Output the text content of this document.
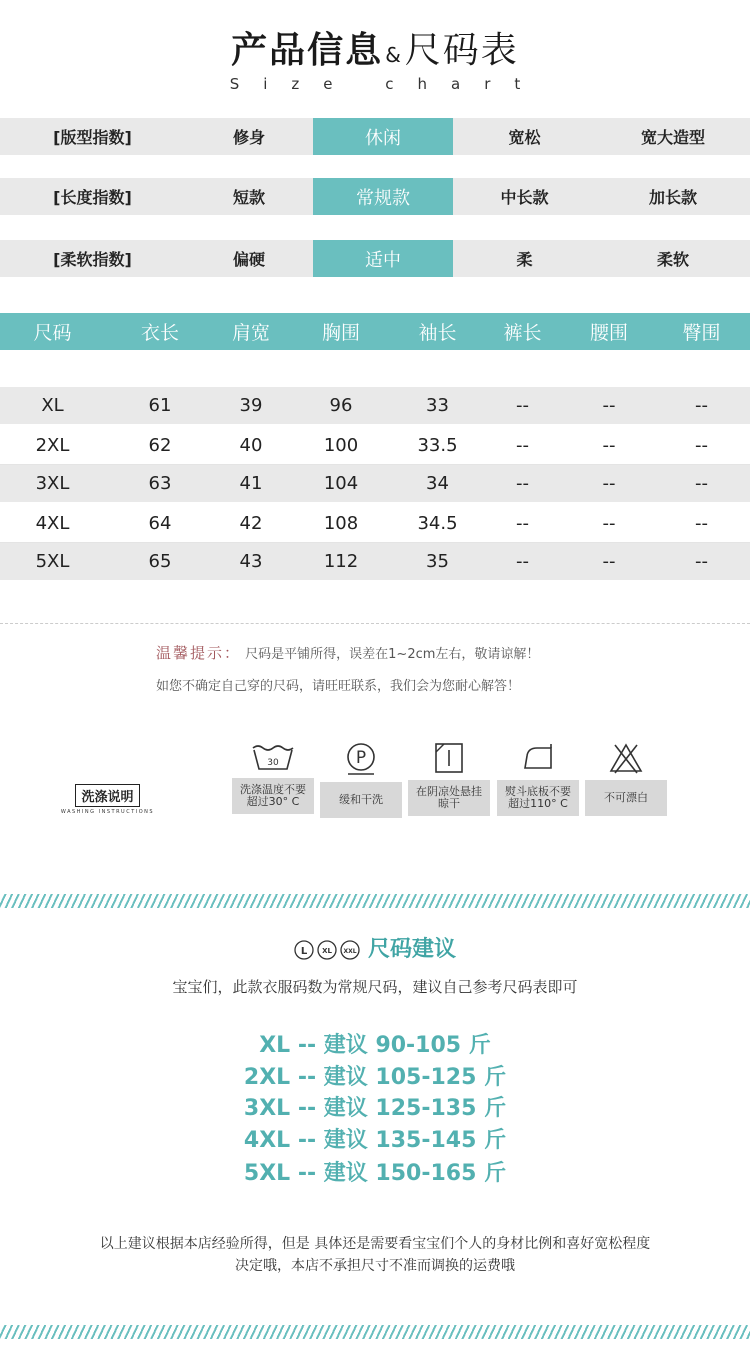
产品信息 &尺码表
Size chart
[版型指数]	修身	休闲	宽松	宽大造型
[长度指数]	短款	常规款	中长款	加长款
[柔软指数]	偏硬	适中	柔	柔软
尺码	衣长	肩宽	胸围	袖长	裤长	腰围	臀围
XL	61	39	96	33	--	--	--
2XL	62	40	100	33.5	--	--	--
3XL	63	41	104	34	--	--	--
4XL	64	42	108	34.5	--	--	--
5XL	65	43	112	35	--	--	--
温馨提示： 尺码是平铺所得，误差在1~2cm左右，敬请谅解！
如您不确定自己穿的尺码，请旺旺联系，我们会为您耐心解答！
洗涤说明
WASHING INSTRUCTIONS
30
洗涤温度不要超过30° C
P
缓和干洗
在阴凉处悬挂晾干
熨斗底板不要超过110° C	不可漂白
L XL XXL 尺码建议
宝宝们，此款衣服码数为常规尺码，建议自己参考尺码表即可
XL -- 建议 90-105 斤
2XL -- 建议 105-125 斤
3XL -- 建议 125-135 斤
4XL -- 建议 135-145 斤
5XL -- 建议 150-165 斤
以上建议根据本店经验所得，但是 具体还是需要看宝宝们个人的身材比例和喜好宽松程度
决定哦，本店不承担尺寸不准而调换的运费哦
